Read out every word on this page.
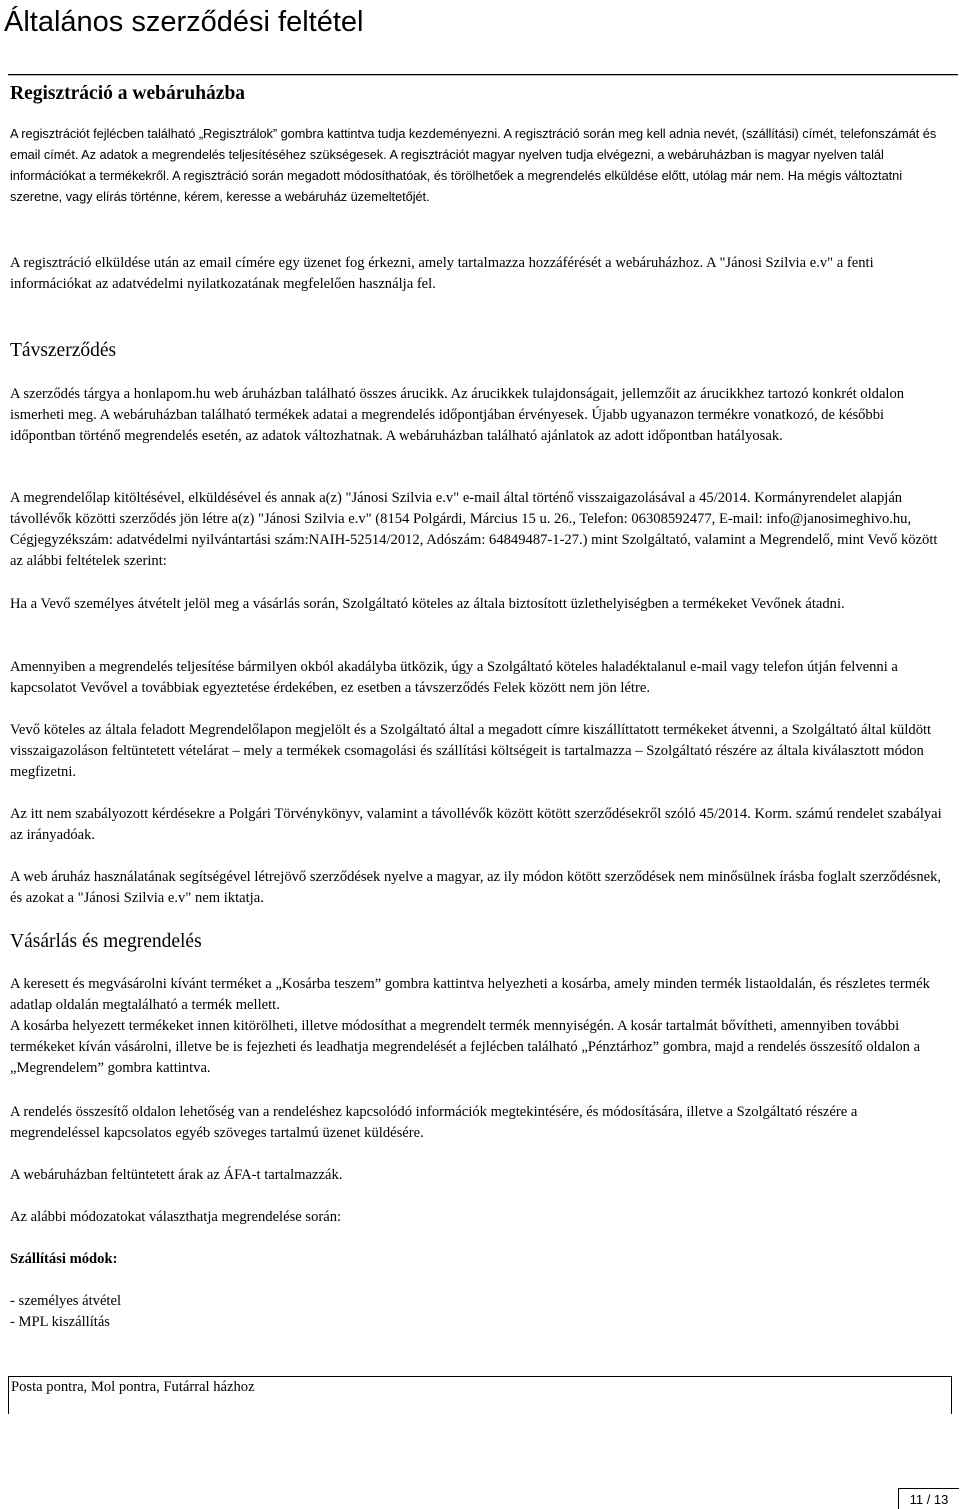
Általános szerződési feltétel
Regisztráció a webáruházba

A regisztrációt fejlécben található „Regisztrálok” gombra kattintva tudja kezdeményezni. A regisztráció során meg kell adnia nevét, (szállítási) címét, telefonszámát és email címét. Az adatok a megrendelés teljesítéséhez szükségesek. A regisztrációt magyar nyelven tudja elvégezni, a webáruházban is magyar nyelven talál információkat a termékekről. A regisztráció során megadott módosíthatóak, és törölhetőek a megrendelés elküldése előtt, utólag már nem. Ha mégis változtatni szeretne, vagy elírás történne, kérem, keresse a webáruház üzemeltetőjét.

A regisztráció elküldése után az email címére egy üzenet fog érkezni, amely tartalmazza hozzáférését a webáruházhoz. A "Jánosi Szilvia e.v" a fenti információkat az adatvédelmi nyilatkozatának megfelelően használja fel.

Távszerződés

A szerződés tárgya a honlapom.hu web áruházban található összes árucikk. Az árucikkek tulajdonságait, jellemzőit az árucikkhez tartozó konkrét oldalon ismerheti meg. A webáruházban található termékek adatai a megrendelés időpontjában érvényesek. Újabb ugyanazon termékre vonatkozó, de későbbi időpontban történő megrendelés esetén, az adatok változhatnak. A webáruházban található ajánlatok az adott időpontban hatályosak.

A megrendelőlap kitöltésével, elküldésével és annak a(z) "Jánosi Szilvia e.v" e-mail által történő visszaigazolásával a 45/2014. Kormányrendelet alapján távollévők közötti szerződés jön létre a(z) "Jánosi Szilvia e.v" (8154 Polgárdi, Március 15 u. 26., Telefon: 06308592477, E-mail: info@janosimeghivo.hu, Cégjegyzékszám: adatvédelmi nyilvántartási szám:NAIH-52514/2012, Adószám: 64849487-1-27.) mint Szolgáltató, valamint a Megrendelő, mint Vevő között az alábbi feltételek szerint:

Ha a Vevő személyes átvételt jelöl meg a vásárlás során, Szolgáltató köteles az általa biztosított üzlethelyiségben a termékeket Vevőnek átadni.

Amennyiben a megrendelés teljesítése bármilyen okból akadályba ütközik, úgy a Szolgáltató köteles haladéktalanul e-mail vagy telefon útján felvenni a kapcsolatot Vevővel a továbbiak egyeztetése érdekében, ez esetben a távszerződés Felek között nem jön létre.

Vevő köteles az általa feladott Megrendelőlapon megjelölt és a Szolgáltató által a megadott címre kiszállíttatott termékeket átvenni, a Szolgáltató által küldött visszaigazoláson feltüntetett vételárat – mely a termékek csomagolási és szállítási költségeit is tartalmazza – Szolgáltató részére az általa kiválasztott módon megfizetni.

Az itt nem szabályozott kérdésekre a Polgári Törvénykönyv, valamint a távollévők között kötött szerződésekről szóló 45/2014. Korm. számú rendelet szabályai az irányadóak.

A web áruház használatának segítségével létrejövő szerződések nyelve a magyar, az ily módon kötött szerződések nem minősülnek írásba foglalt szerződésnek, és azokat a "Jánosi Szilvia e.v" nem iktatja.

Vásárlás és megrendelés

A keresett és megvásárolni kívánt terméket a „Kosárba teszem” gombra kattintva helyezheti a kosárba, amely minden termék listaoldalán, és részletes termék adatlap oldalán megtalálható a termék mellett.

A kosárba helyezett termékeket innen kitörölheti, illetve módosíthat a megrendelt termék mennyiségén. A kosár tartalmát bővítheti, amennyiben további termékeket kíván vásárolni, illetve be is fejezheti és leadhatja megrendelését a fejlécben található „Pénztárhoz” gombra, majd a rendelés összesítő oldalon a „Megrendelem” gombra kattintva.

A rendelés összesítő oldalon lehetőség van a rendeléshez kapcsolódó információk megtekintésére, és módosítására, illetve a Szolgáltató részére a megrendeléssel kapcsolatos egyéb szöveges tartalmú üzenet küldésére.

A webáruházban feltüntetett árak az ÁFA-t tartalmazzák.

Az alábbi módozatokat választhatja megrendelése során:

Szállítási módok:

- személyes átvétel

- MPL kiszállítás

Posta pontra, Mol pontra, Futárral házhoz
11 / 13
